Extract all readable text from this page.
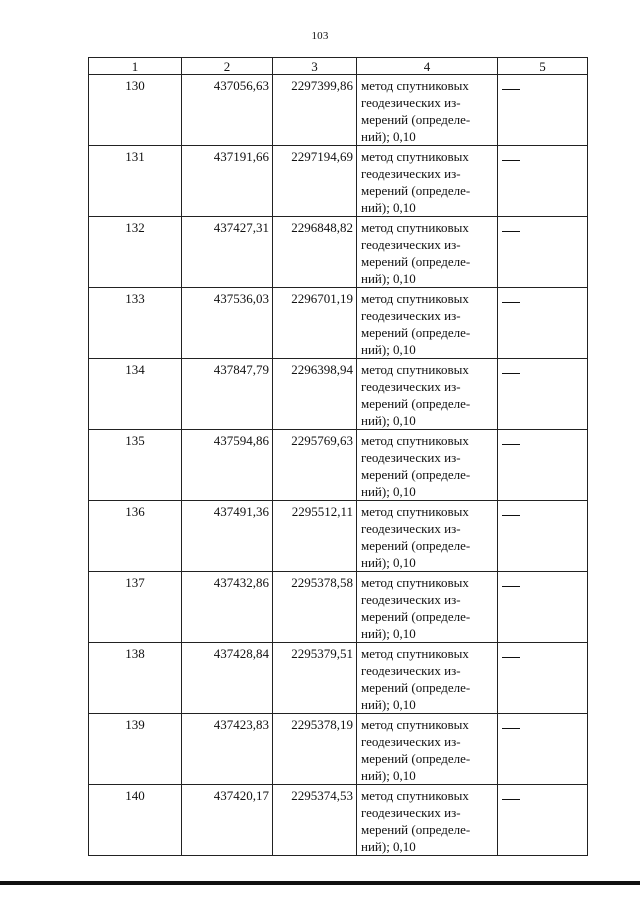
103
1	2	3	4	5
130	437056,63	2297399,86	метод спутниковых
геодезических из-
мерений (определе-
ний); 0,10

131	437191,66	2297194,69	метод спутниковых
геодезических из-
мерений (определе-
ний); 0,10

132	437427,31	2296848,82	метод спутниковых
геодезических из-
мерений (определе-
ний); 0,10

133	437536,03	2296701,19	метод спутниковых
геодезических из-
мерений (определе-
ний); 0,10

134	437847,79	2296398,94	метод спутниковых
геодезических из-
мерений (определе-
ний); 0,10

135	437594,86	2295769,63	метод спутниковых
геодезических из-
мерений (определе-
ний); 0,10

136	437491,36	2295512,11	метод спутниковых
геодезических из-
мерений (определе-
ний); 0,10

137	437432,86	2295378,58	метод спутниковых
геодезических из-
мерений (определе-
ний); 0,10

138	437428,84	2295379,51	метод спутниковых
геодезических из-
мерений (определе-
ний); 0,10

139	437423,83	2295378,19	метод спутниковых
геодезических из-
мерений (определе-
ний); 0,10

140	437420,17	2295374,53	метод спутниковых
геодезических из-
мерений (определе-
ний); 0,10
